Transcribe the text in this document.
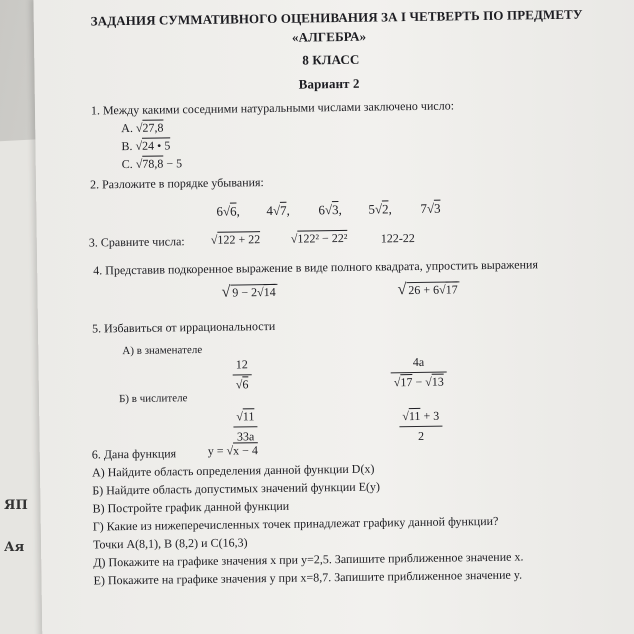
ЯП
Ая
ЗАДАНИЯ СУММАТИВНОГО ОЦЕНИВАНИЯ ЗА I ЧЕТВЕРТЬ ПО ПРЕДМЕТУ
«АЛГЕБРА»
8 КЛАСС
Вариант 2
1. Между какими соседними натуральными числами заключено число:
А. √27,8
В. √24 • 5
С. √78,8 − 5
2. Разложите в порядке убывания:
6√6, 4√7, 6√3, 5√2, 7√3
3. Сравните числа: √122 + 22	√122² − 22²	122-22
4. Представив подкоренное выражение в виде полного квадрата, упростить выражения
√ 9 − 2√14	√ 26 + 6√17
5. Избавиться от иррациональности
А) в знаменателе
12
√6
4a
√17 − √13
Б) в числителе
√11
33a
√11 + 3
2
6. Дана функция	y = √x − 4
А) Найдите область определения данной функции D(x)
Б) Найдите область допустимых значений функции E(y)
В) Постройте график данной функции
Г) Какие из нижеперечисленных точек принадлежат графику данной функции?
Точки А(8,1), В (8,2) и С(16,3)
Д) Покажите на графике значения x при y=2,5. Запишите приближенное значение x.
Е) Покажите на графике значения y при x=8,7. Запишите приближенное значение y.
